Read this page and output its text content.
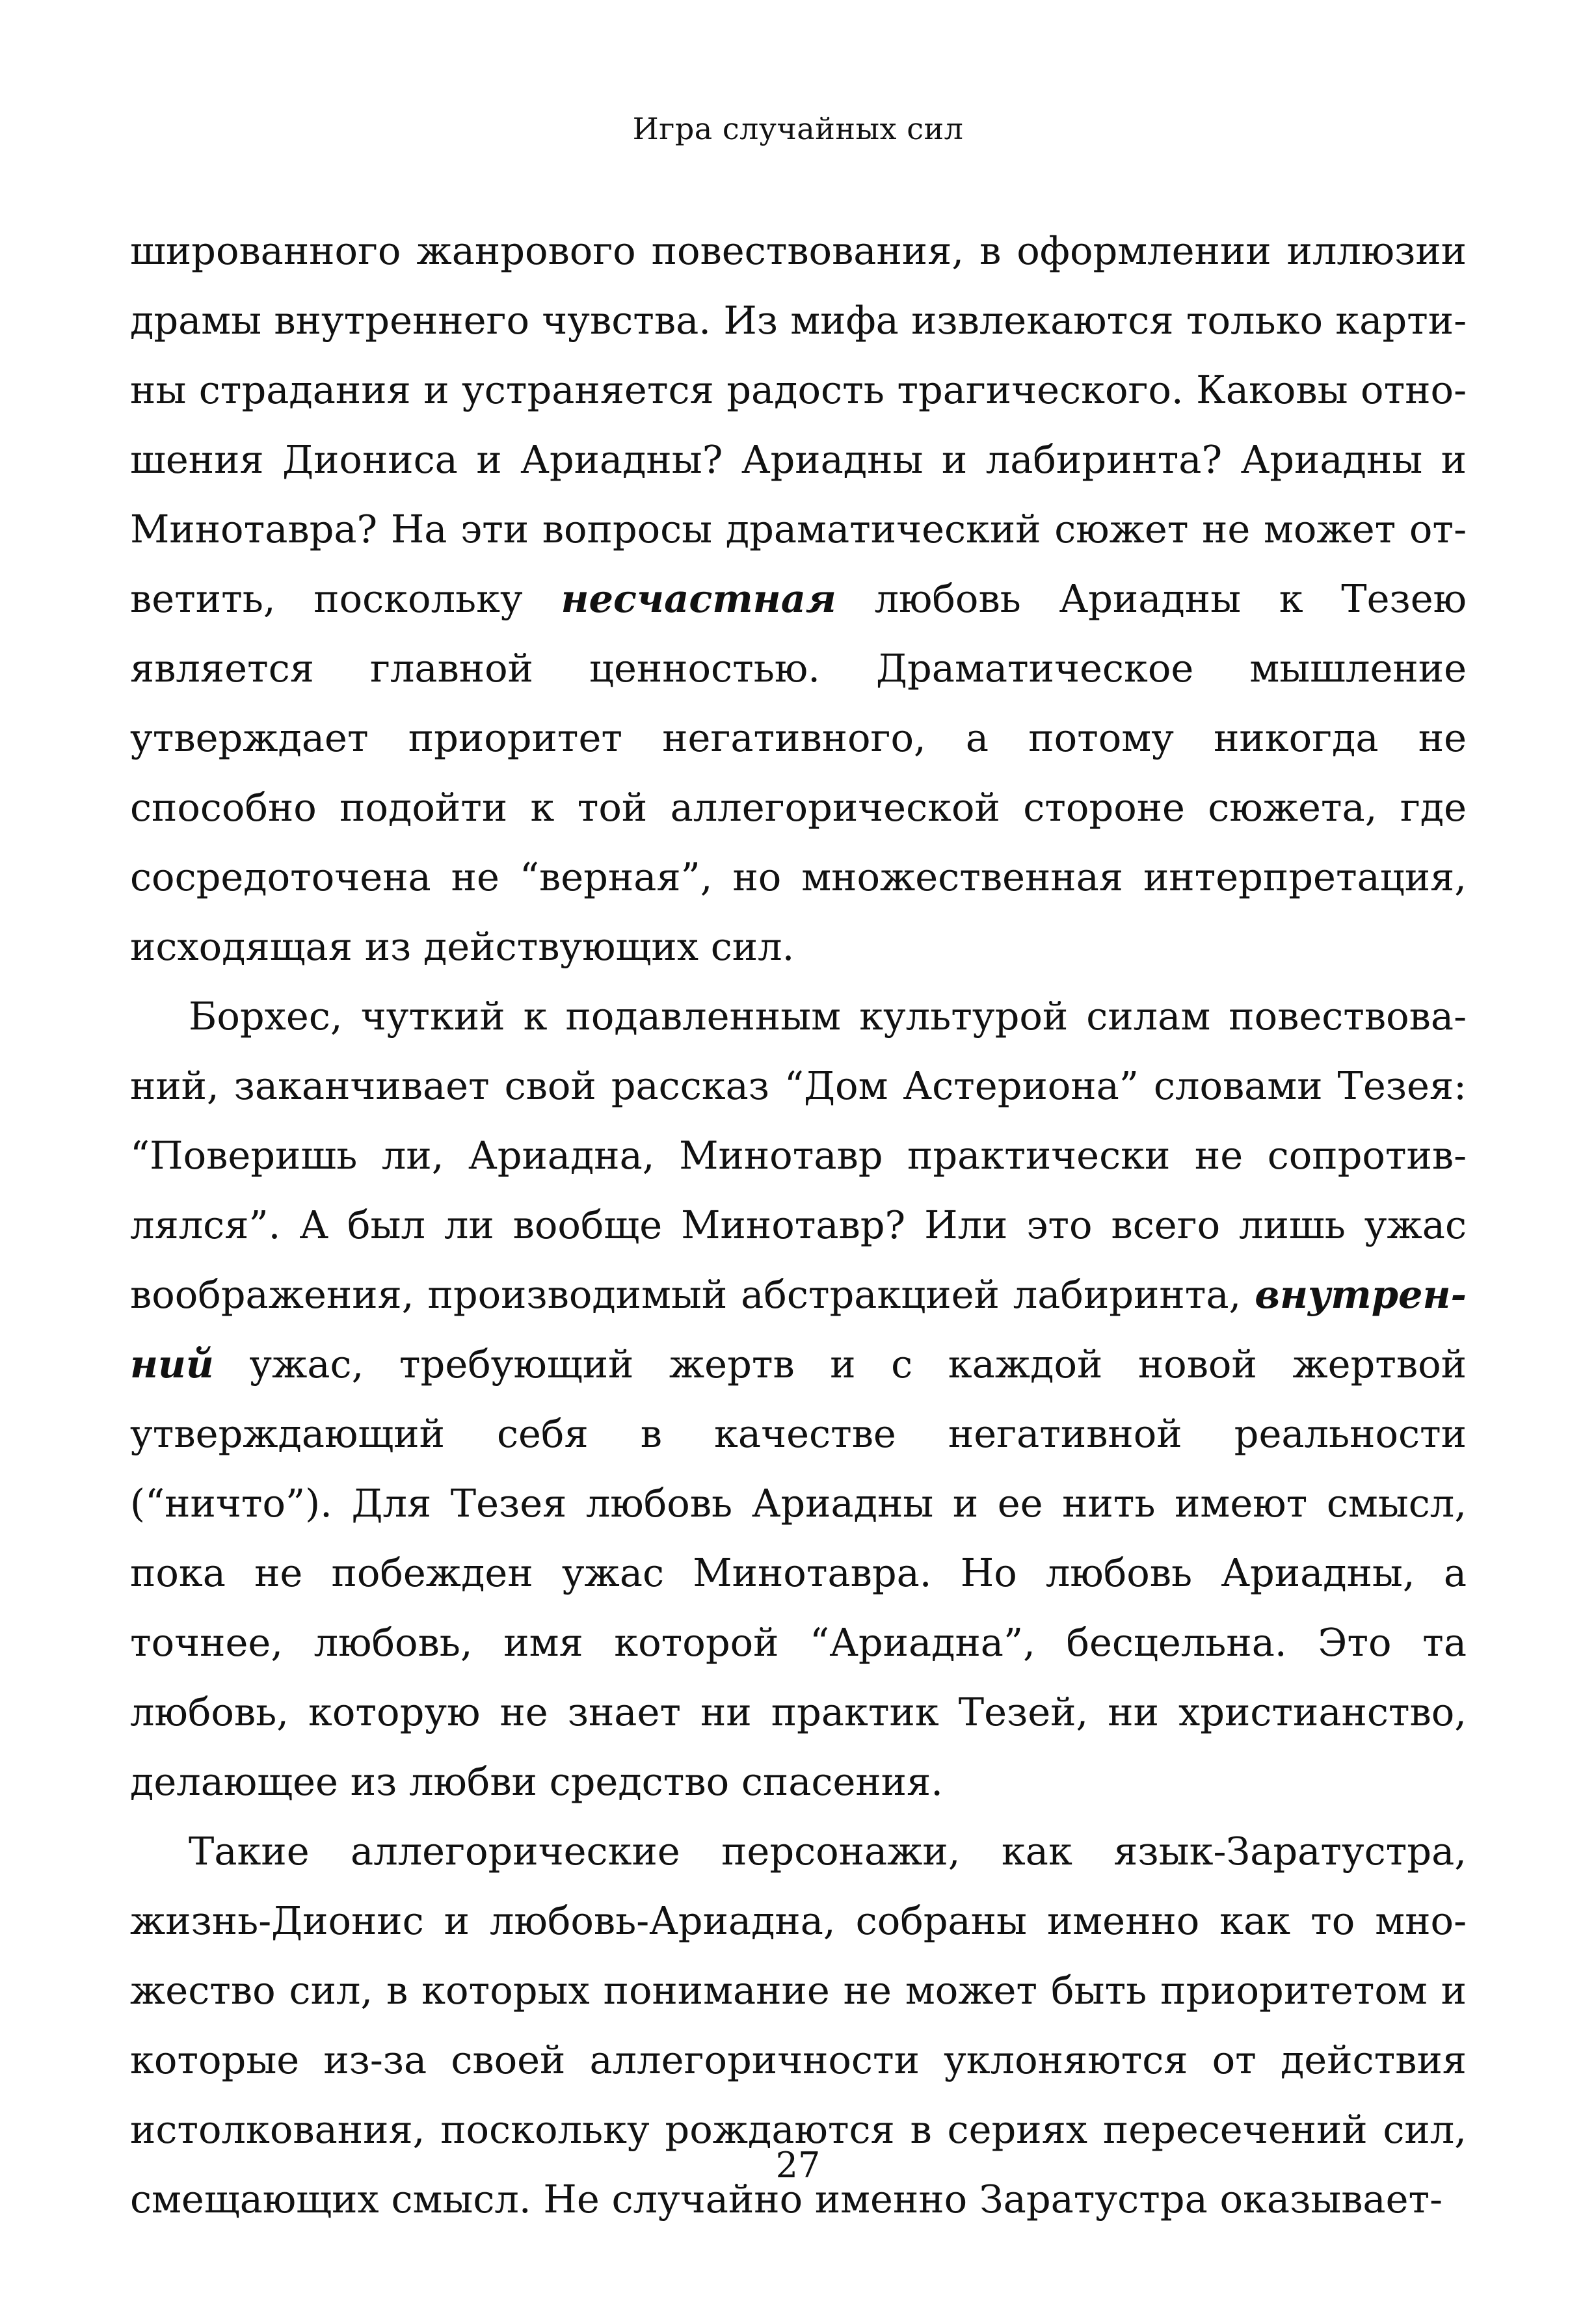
Игра случайных сил

шированного жанрового повествования, в оформлении иллюзии драмы внутреннего чувства. Из мифа извлекаются только картины страдания и устраняется радость трагического. Каковы отношения Диониса и Ариадны? Ариадны и лабиринта? Ариадны и Минотавра? На эти вопросы драматический сюжет не может ответить, поскольку несчастная любовь Ариадны к Тезею является главной ценностью. Драматическое мышление утверждает приоритет негативного, а потому никогда не способно подойти к той аллегорической стороне сюжета, где сосредоточена не “верная”, но множественная интерпретация, исходящая из действующих сил.

Борхес, чуткий к подавленным культурой силам повествований, заканчивает свой рассказ “Дом Астериона” словами Тезея: “Поверишь ли, Ариадна, Минотавр практически не сопротивлялся”. А был ли вообще Минотавр? Или это всего лишь ужас воображения, производимый абстракцией лабиринта, внутренний ужас, требующий жертв и с каждой новой жертвой утверждающий себя в качестве негативной реальности (“ничто”). Для Тезея любовь Ариадны и ее нить имеют смысл, пока не побежден ужас Минотавра. Но любовь Ариадны, а точнее, любовь, имя которой “Ариадна”, бесцельна. Это та любовь, которую не знает ни практик Тезей, ни христианство, делающее из любви средство спасения.

Такие аллегорические персонажи, как язык-Заратустра, жизнь-Дионис и любовь-Ариадна, собраны именно как то множество сил, в которых понимание не может быть приоритетом и которые из-за своей аллегоричности уклоняются от действия истолкования, поскольку рождаются в сериях пересечений сил, смещающих смысл. Не случайно именно Заратустра оказывает-

27
